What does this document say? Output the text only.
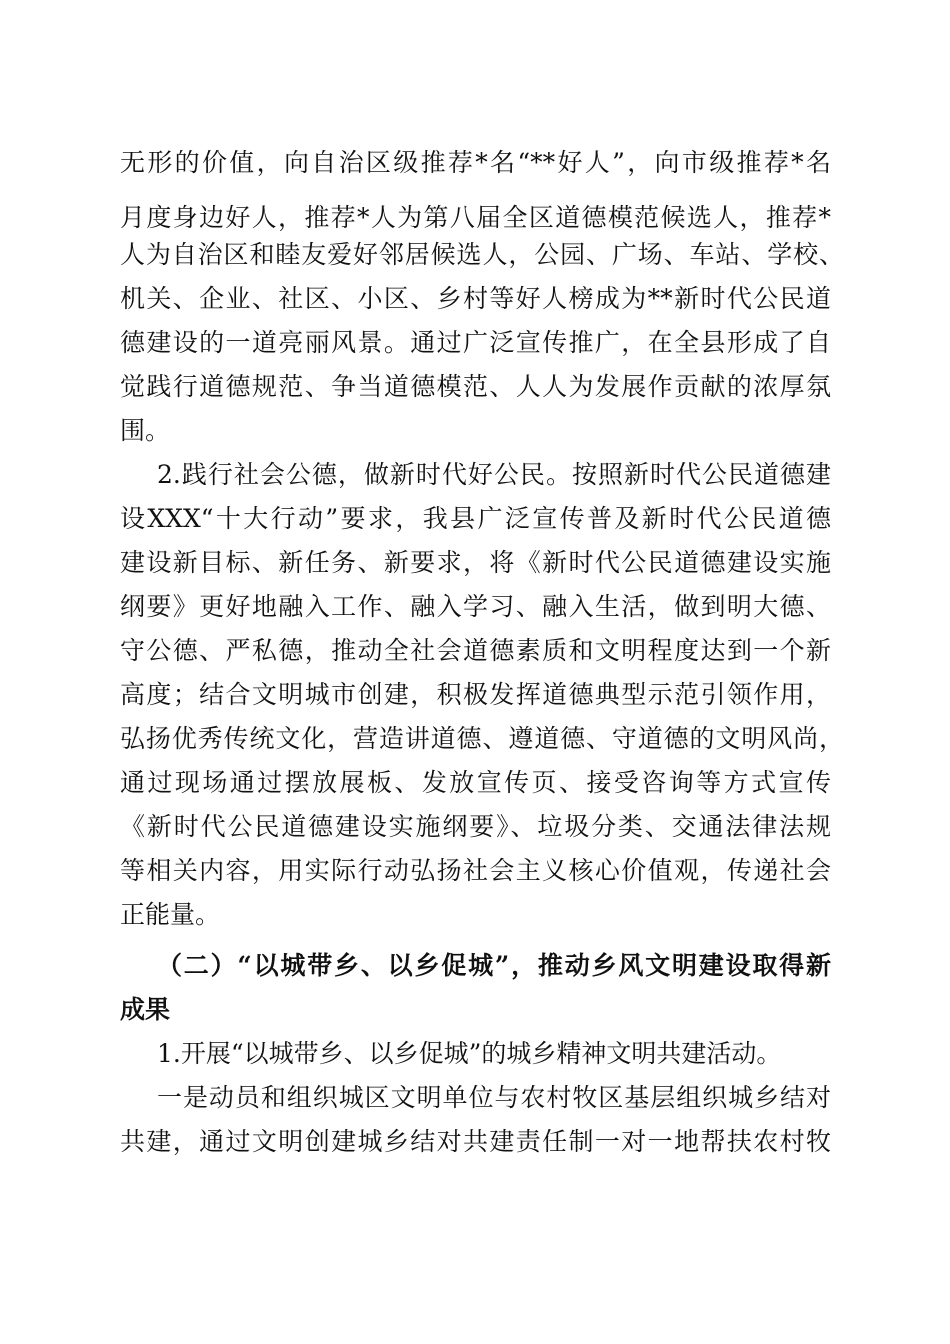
无形的价值，向自治区级推荐*名“**好人”，向市级推荐*名
月度身边好人，推荐*人为第八届全区道德模范候选人，推荐*
人为自治区和睦友爱好邻居候选人，公园、广场、车站、学校、
机关、企业、社区、小区、乡村等好人榜成为**新时代公民道
德建设的一道亮丽风景。通过广泛宣传推广，在全县形成了自
觉践行道德规范、争当道德模范、人人为发展作贡献的浓厚氛
围。
2.践行社会公德，做新时代好公民。按照新时代公民道德建
设XXX“十大行动”要求，我县广泛宣传普及新时代公民道德
建设新目标、新任务、新要求，将《新时代公民道德建设实施
纲要》更好地融入工作、融入学习、融入生活，做到明大德、
守公德、严私德，推动全社会道德素质和文明程度达到一个新
高度；结合文明城市创建，积极发挥道德典型示范引领作用，
弘扬优秀传统文化，营造讲道德、遵道德、守道德的文明风尚，
通过现场通过摆放展板、发放宣传页、接受咨询等方式宣传
《新时代公民道德建设实施纲要》、垃圾分类、交通法律法规
等相关内容，用实际行动弘扬社会主义核心价值观，传递社会
正能量。
（二）“以城带乡、以乡促城”，推动乡风文明建设取得新
成果
1.开展“以城带乡、以乡促城”的城乡精神文明共建活动。
一是动员和组织城区文明单位与农村牧区基层组织城乡结对
共建，通过文明创建城乡结对共建责任制一对一地帮扶农村牧
